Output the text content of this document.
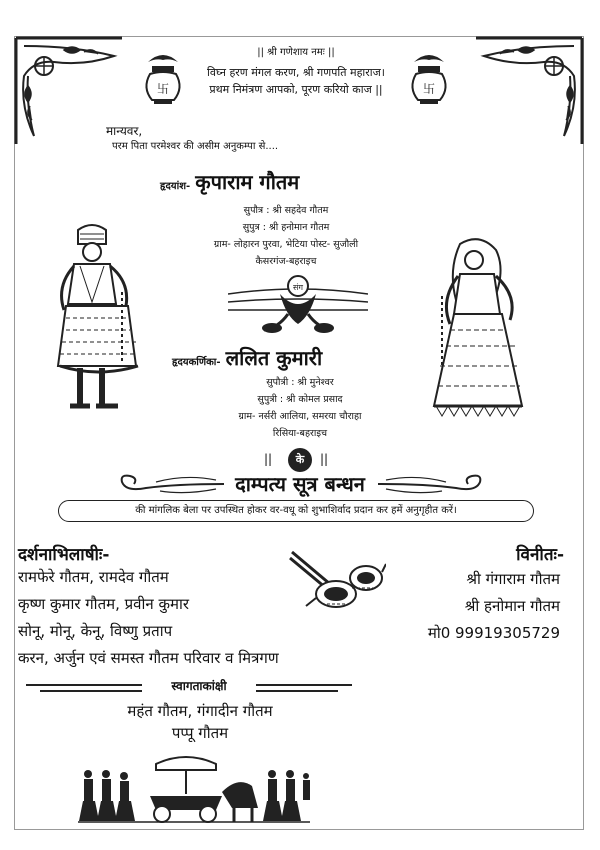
卐	卐
|| श्री गणेशाय नमः ||
विघ्न हरण मंगल करण, श्री गणपति महाराज।
प्रथम निमंत्रण आपको, पूरण करियो काज ||
मान्यवर,
परम पिता परमेश्वर की असीम अनुकम्पा से....
हृदयांश- कृपाराम गौतम
सुपौत्र : श्री सहदेव गौतम
सुपुत्र : श्री हनोमान गौतम
ग्राम- लोहारन पुरवा, भेटिया पोस्ट- सुजौली
कैसरगंज-बहराइच
संग
हृदयकर्णिका- ललित कुमारी
सुपौत्री : श्री मुनेश्वर
सुपुत्री : श्री कोमल प्रसाद
ग्राम- नर्सरी आलिया, समरया चौराहा
रिसिया-बहराइच
||	के	||
दाम्पत्य सूत्र बन्धन
की मांगलिक बेला पर उपस्थित होकर वर-वधू को शुभाशिर्वाद प्रदान कर हमें अनुगृहीत करें।
दर्शनाभिलाषीः-
रामफेरे गौतम, रामदेव गौतम
कृष्ण कुमार गौतम, प्रवीन कुमार
सोनू, मोनू, केनू, विष्णु प्रताप
करन, अर्जुन एवं समस्त गौतम परिवार व मित्रगण
विनीतः-
श्री गंगाराम गौतम
श्री हनोमान गौतम
मो0 99919305729
स्वागताकांक्षी
महंत गौतम, गंगादीन गौतम
पप्पू गौतम
